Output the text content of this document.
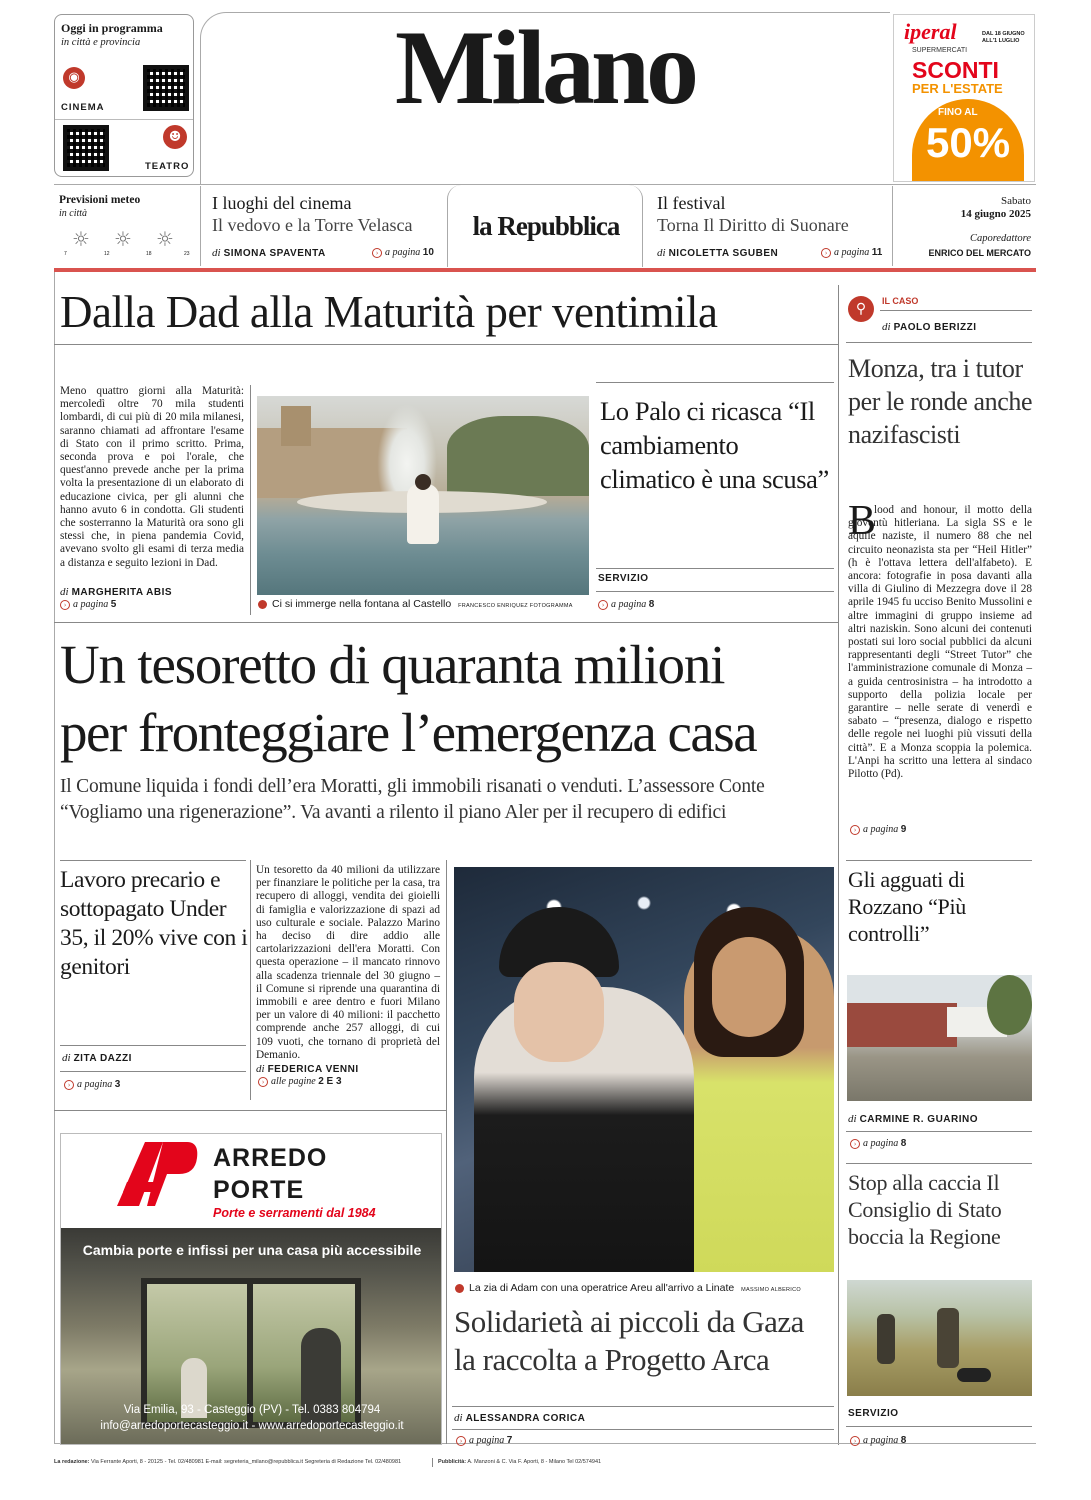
Oggi in programma
in città e provincia
◉
CINEMA
☻
TEATRO
Milano	iperal
SUPERMERCATI
DAL 18 GIUGNO
ALL'1 LUGLIO
SCONTI
PER L'ESTATE
FINO AL
50%
Previsioni meteo
in città
☼	☼	☼
7	12	18	23
I luoghi del cinema
Il vedovo e la Torre Velasca
di SIMONA SPAVENTA	› a pagina 10
la Repubblica
Il festival
Torna Il Diritto di Suonare
di NICOLETTA SGUBEN	› a pagina 11
Sabato
14 giugno 2025
Caporedattore
ENRICO DEL MERCATO
Dalla Dad alla Maturità per ventimila
Meno quattro giorni alla Maturità: mercoledì oltre 70 mila studenti lombardi, di cui più di 20 mila milanesi, saranno chiamati ad affrontare l'esame di Stato con il primo scritto. Prima, seconda prova e poi l'orale, che quest'anno prevede anche per la prima volta la presentazione di un elaborato di educazione civica, per gli alunni che hanno avuto 6 in condotta. Gli studenti che sosterranno la Maturità ora sono gli stessi che, in piena pandemia Covid, avevano svolto gli esami di terza media a distanza e seguito lezioni in Dad.
di MARGHERITA ABIS
› a pagina 5	Ci si immerge nella fontana al Castello FRANCESCO ENRIQUEZ FOTOGRAMMA
Lo Palo ci ricasca “Il cambiamento climatico è una scusa”
SERVIZIO
› a pagina 8
Un tesoretto di quaranta milioni
per fronteggiare l’emergenza casa
Il Comune liquida i fondi dell’era Moratti, gli immobili risanati o venduti. L’assessore Conte “Vogliamo una rigenerazione”. Va avanti a rilento il piano Aler per il recupero di edifici
Lavoro precario e sottopagato Under 35, il 20% vive con i genitori
di ZITA DAZZI
› a pagina 3
Un tesoretto da 40 milioni da utilizzare per finanziare le politiche per la casa, tra recupero di alloggi, vendita dei gioielli di famiglia e valorizzazione di spazi ad uso culturale e sociale. Palazzo Marino ha deciso di dire addio alle cartolarizzazioni dell'era Moratti. Con questa operazione – il mancato rinnovo alla scadenza triennale del 30 giugno – il Comune si riprende una quarantina di immobili e aree dentro e fuori Milano per un valore di 40 milioni: il pacchetto comprende anche 257 alloggi, di cui 109 vuoti, che tornano di proprietà del Demanio.
di FEDERICA VENNI
› alle pagine 2 E 3
La zia di Adam con una operatrice Areu all'arrivo a Linate MASSIMO ALBERICO
Solidarietà ai piccoli da Gaza
la raccolta a Progetto Arca
di ALESSANDRA CORICA
› a pagina 7
ARREDO
PORTE
Porte e serramenti dal 1984
Cambia porte e infissi per una casa più accessibile
Via Emilia, 93 - Casteggio (PV) - Tel. 0383 804794
info@arredoportecasteggio.it - www.arredoportecasteggio.it
⚲	IL CASO
di PAOLO BERIZZI
Monza, tra i tutor per le ronde anche nazifascisti
B
lood and honour, il motto della gioventù hitleriana. La sigla SS e le aquile naziste, il numero 88 che nel circuito neonazista sta per “Heil Hitler” (h è l'ottava lettera dell'alfabeto). E ancora: fotografie in posa davanti alla villa di Giulino di Mezzegra dove il 28 aprile 1945 fu ucciso Benito Mussolini e altre immagini di gruppo insieme ad altri naziskin. Sono alcuni dei contenuti postati sui loro social pubblici da alcuni rappresentanti degli “Street Tutor” che l'amministrazione comunale di Monza – a guida centrosinistra – ha introdotto a supporto della polizia locale per garantire – nelle serate di venerdì e sabato – “presenza, dialogo e rispetto delle regole nei luoghi più vissuti della città”. E a Monza scoppia la polemica. L'Anpi ha scritto una lettera al sindaco Pilotto (Pd).
› a pagina 9
Gli agguati di Rozzano “Più controlli”
di CARMINE R. GUARINO
› a pagina 8
Stop alla caccia Il Consiglio di Stato boccia la Regione
SERVIZIO
› a pagina 8
La redazione: Via Ferrante Aporti, 8 - 20125 - Tel. 02/480981 E-mail: segreteria_milano@repubblica.it Segreteria di Redazione Tel. 02/480981	Pubblicità: A. Manzoni & C. Via F. Aporti, 8 - Milano Tel 02/574941
